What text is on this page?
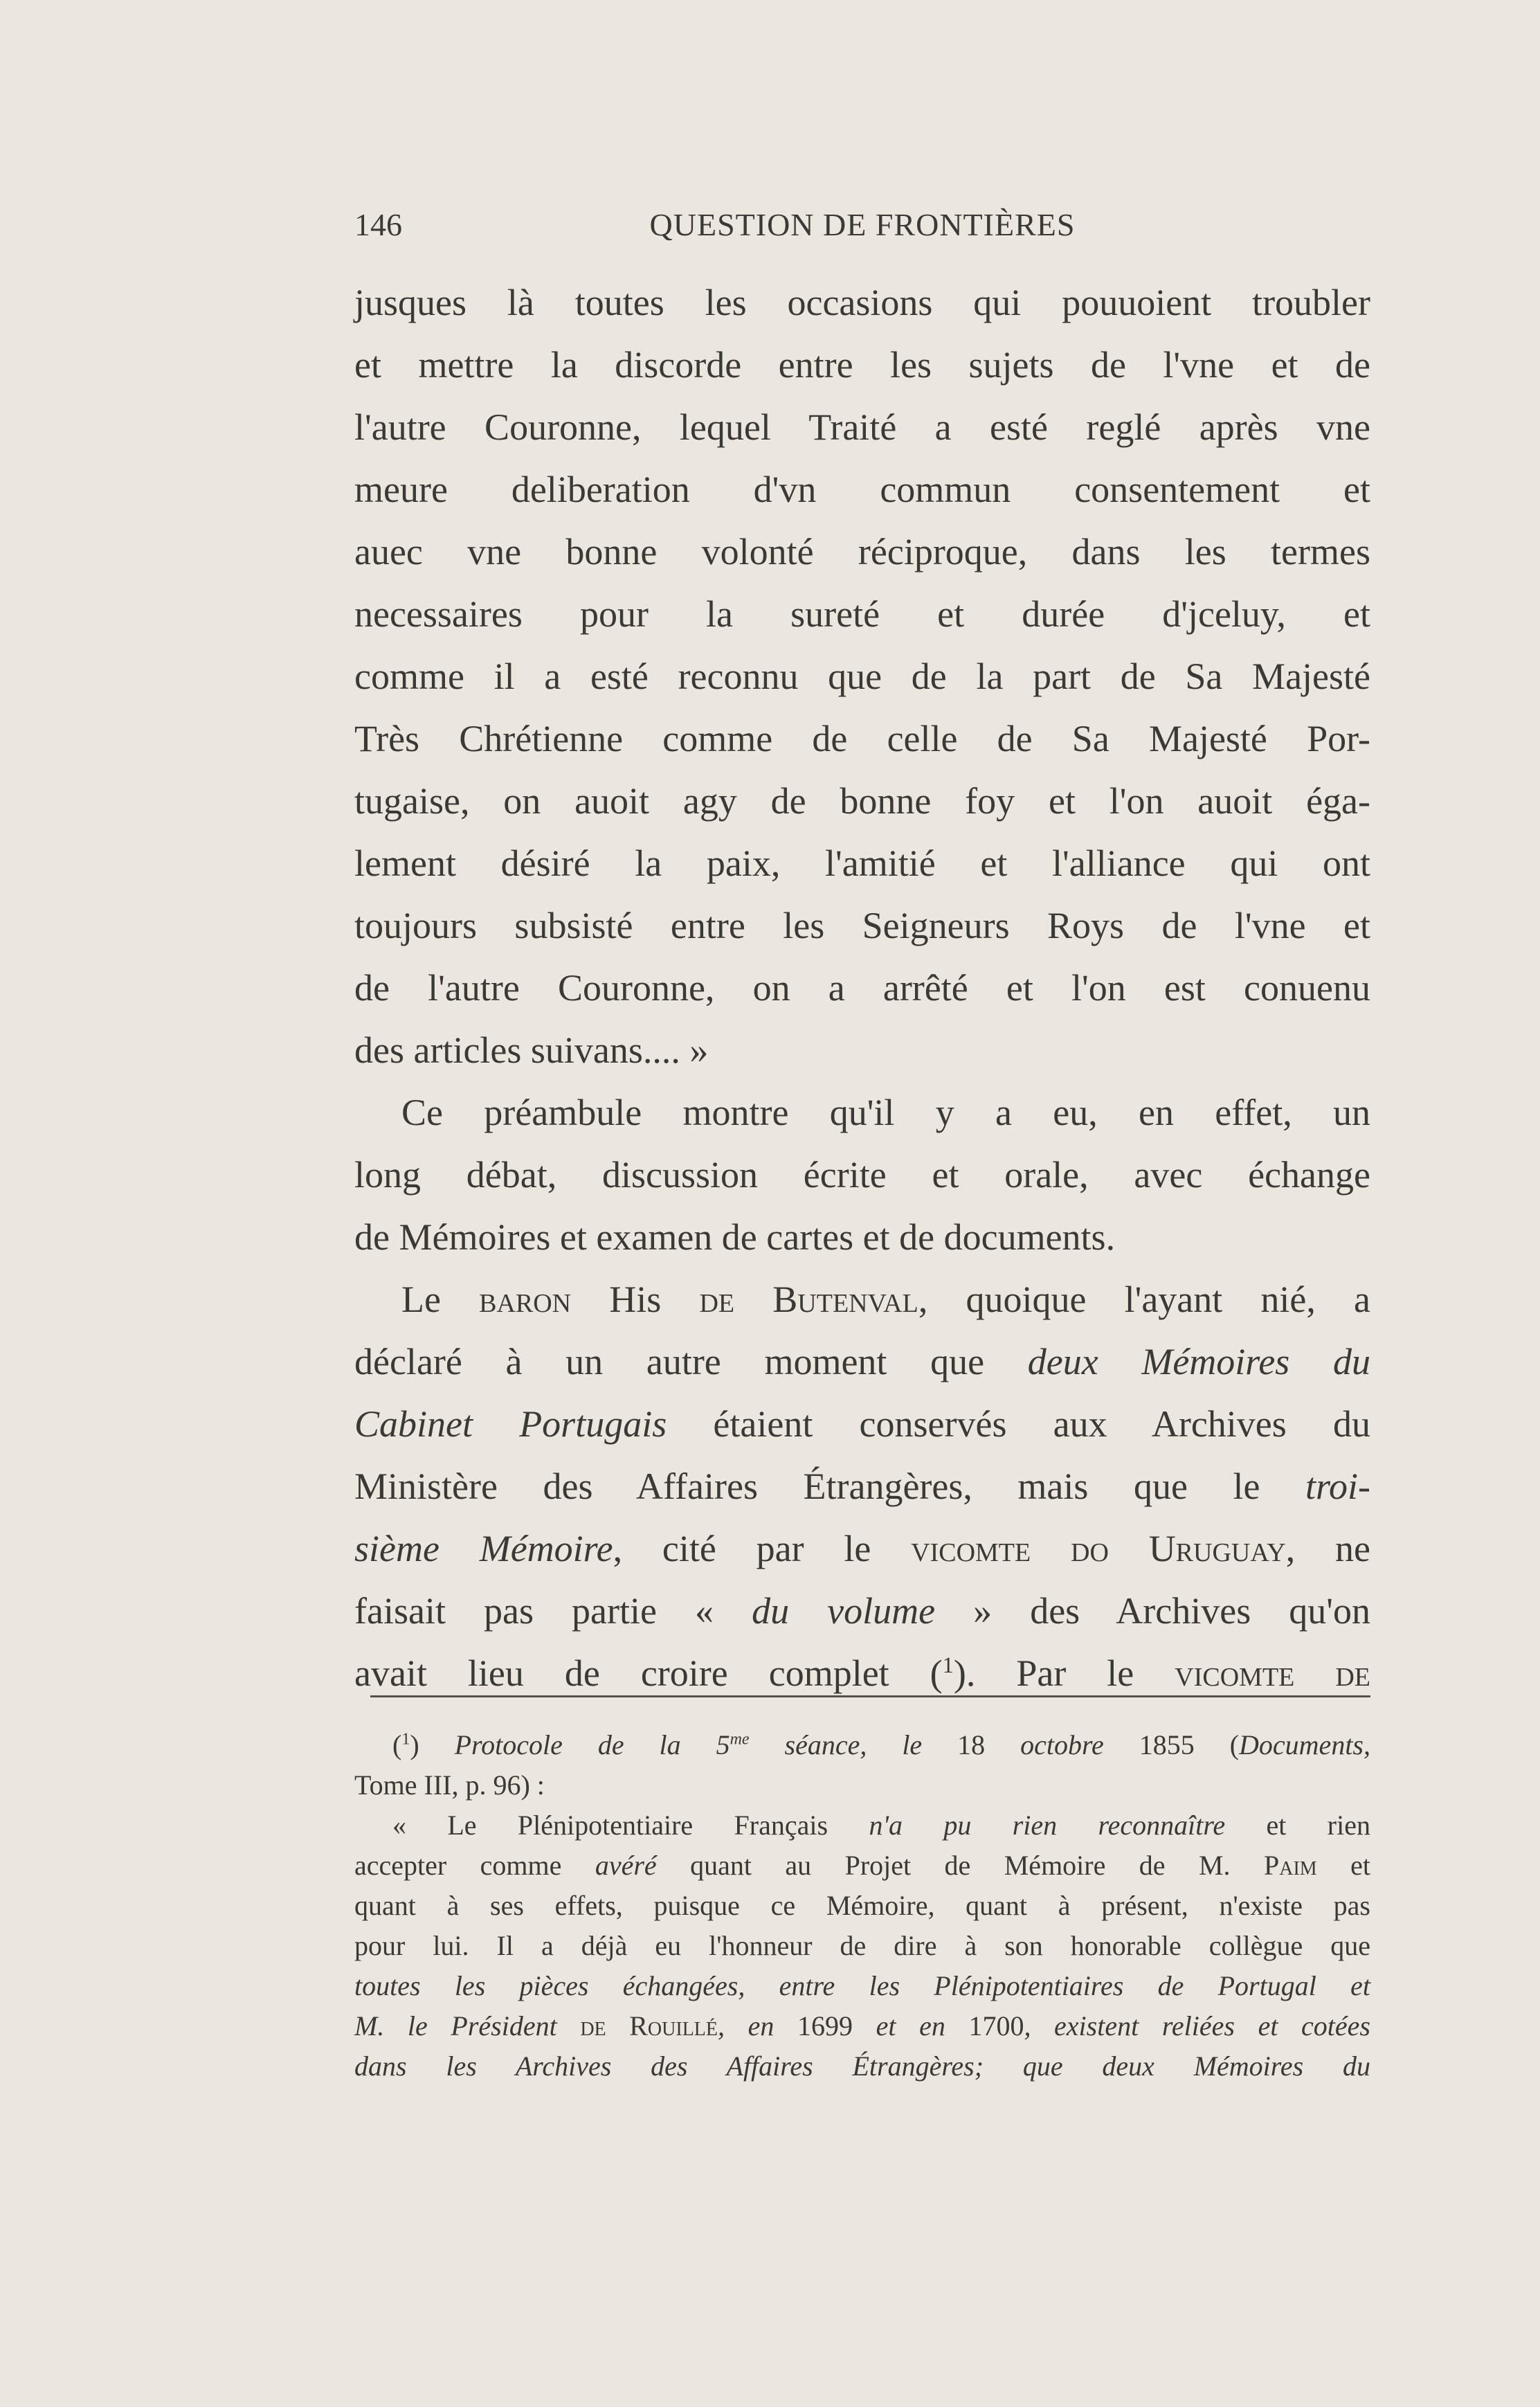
146	QUESTION DE FRONTIÈRES
jusques là toutes les occasions qui pouuoient troubler
et mettre la discorde entre les sujets de l'vne et de
l'autre Couronne, lequel Traité a esté reglé après vne
meure deliberation d'vn commun consentement et
auec vne bonne volonté réciproque, dans les termes
necessaires pour la sureté et durée d'jceluy, et
comme il a esté reconnu que de la part de Sa Majesté
Très Chrétienne comme de celle de Sa Majesté Por-
tugaise, on auoit agy de bonne foy et l'on auoit éga-
lement désiré la paix, l'amitié et l'alliance qui ont
toujours subsisté entre les Seigneurs Roys de l'vne et
de l'autre Couronne, on a arrêté et l'on est conuenu
des articles suivans.... »
Ce préambule montre qu'il y a eu, en effet, un
long débat, discussion écrite et orale, avec échange
de Mémoires et examen de cartes et de documents.
Le baron His de Butenval, quoique l'ayant nié, a
déclaré à un autre moment que deux Mémoires du
Cabinet Portugais étaient conservés aux Archives du
Ministère des Affaires Étrangères, mais que le troi-
sième Mémoire, cité par le vicomte do Uruguay, ne
faisait pas partie « du volume » des Archives qu'on
avait lieu de croire complet ($^1$). Par le vicomte de
($^1$) Protocole de la $5^{me}$ séance, le 18 octobre 1855 (Documents,
Tome III, p. 96) :
« Le Plénipotentiaire Français n'a pu rien reconnaître et rien
accepter comme avéré quant au Projet de Mémoire de M. Paim et
quant à ses effets, puisque ce Mémoire, quant à présent, n'existe pas
pour lui. Il a déjà eu l'honneur de dire à son honorable collègue que
toutes les pièces échangées, entre les Plénipotentiaires de Portugal et
M. le Président de Rouillé, en 1699 et en 1700, existent reliées et cotées
dans les Archives des Affaires Étrangères; que deux Mémoires du
